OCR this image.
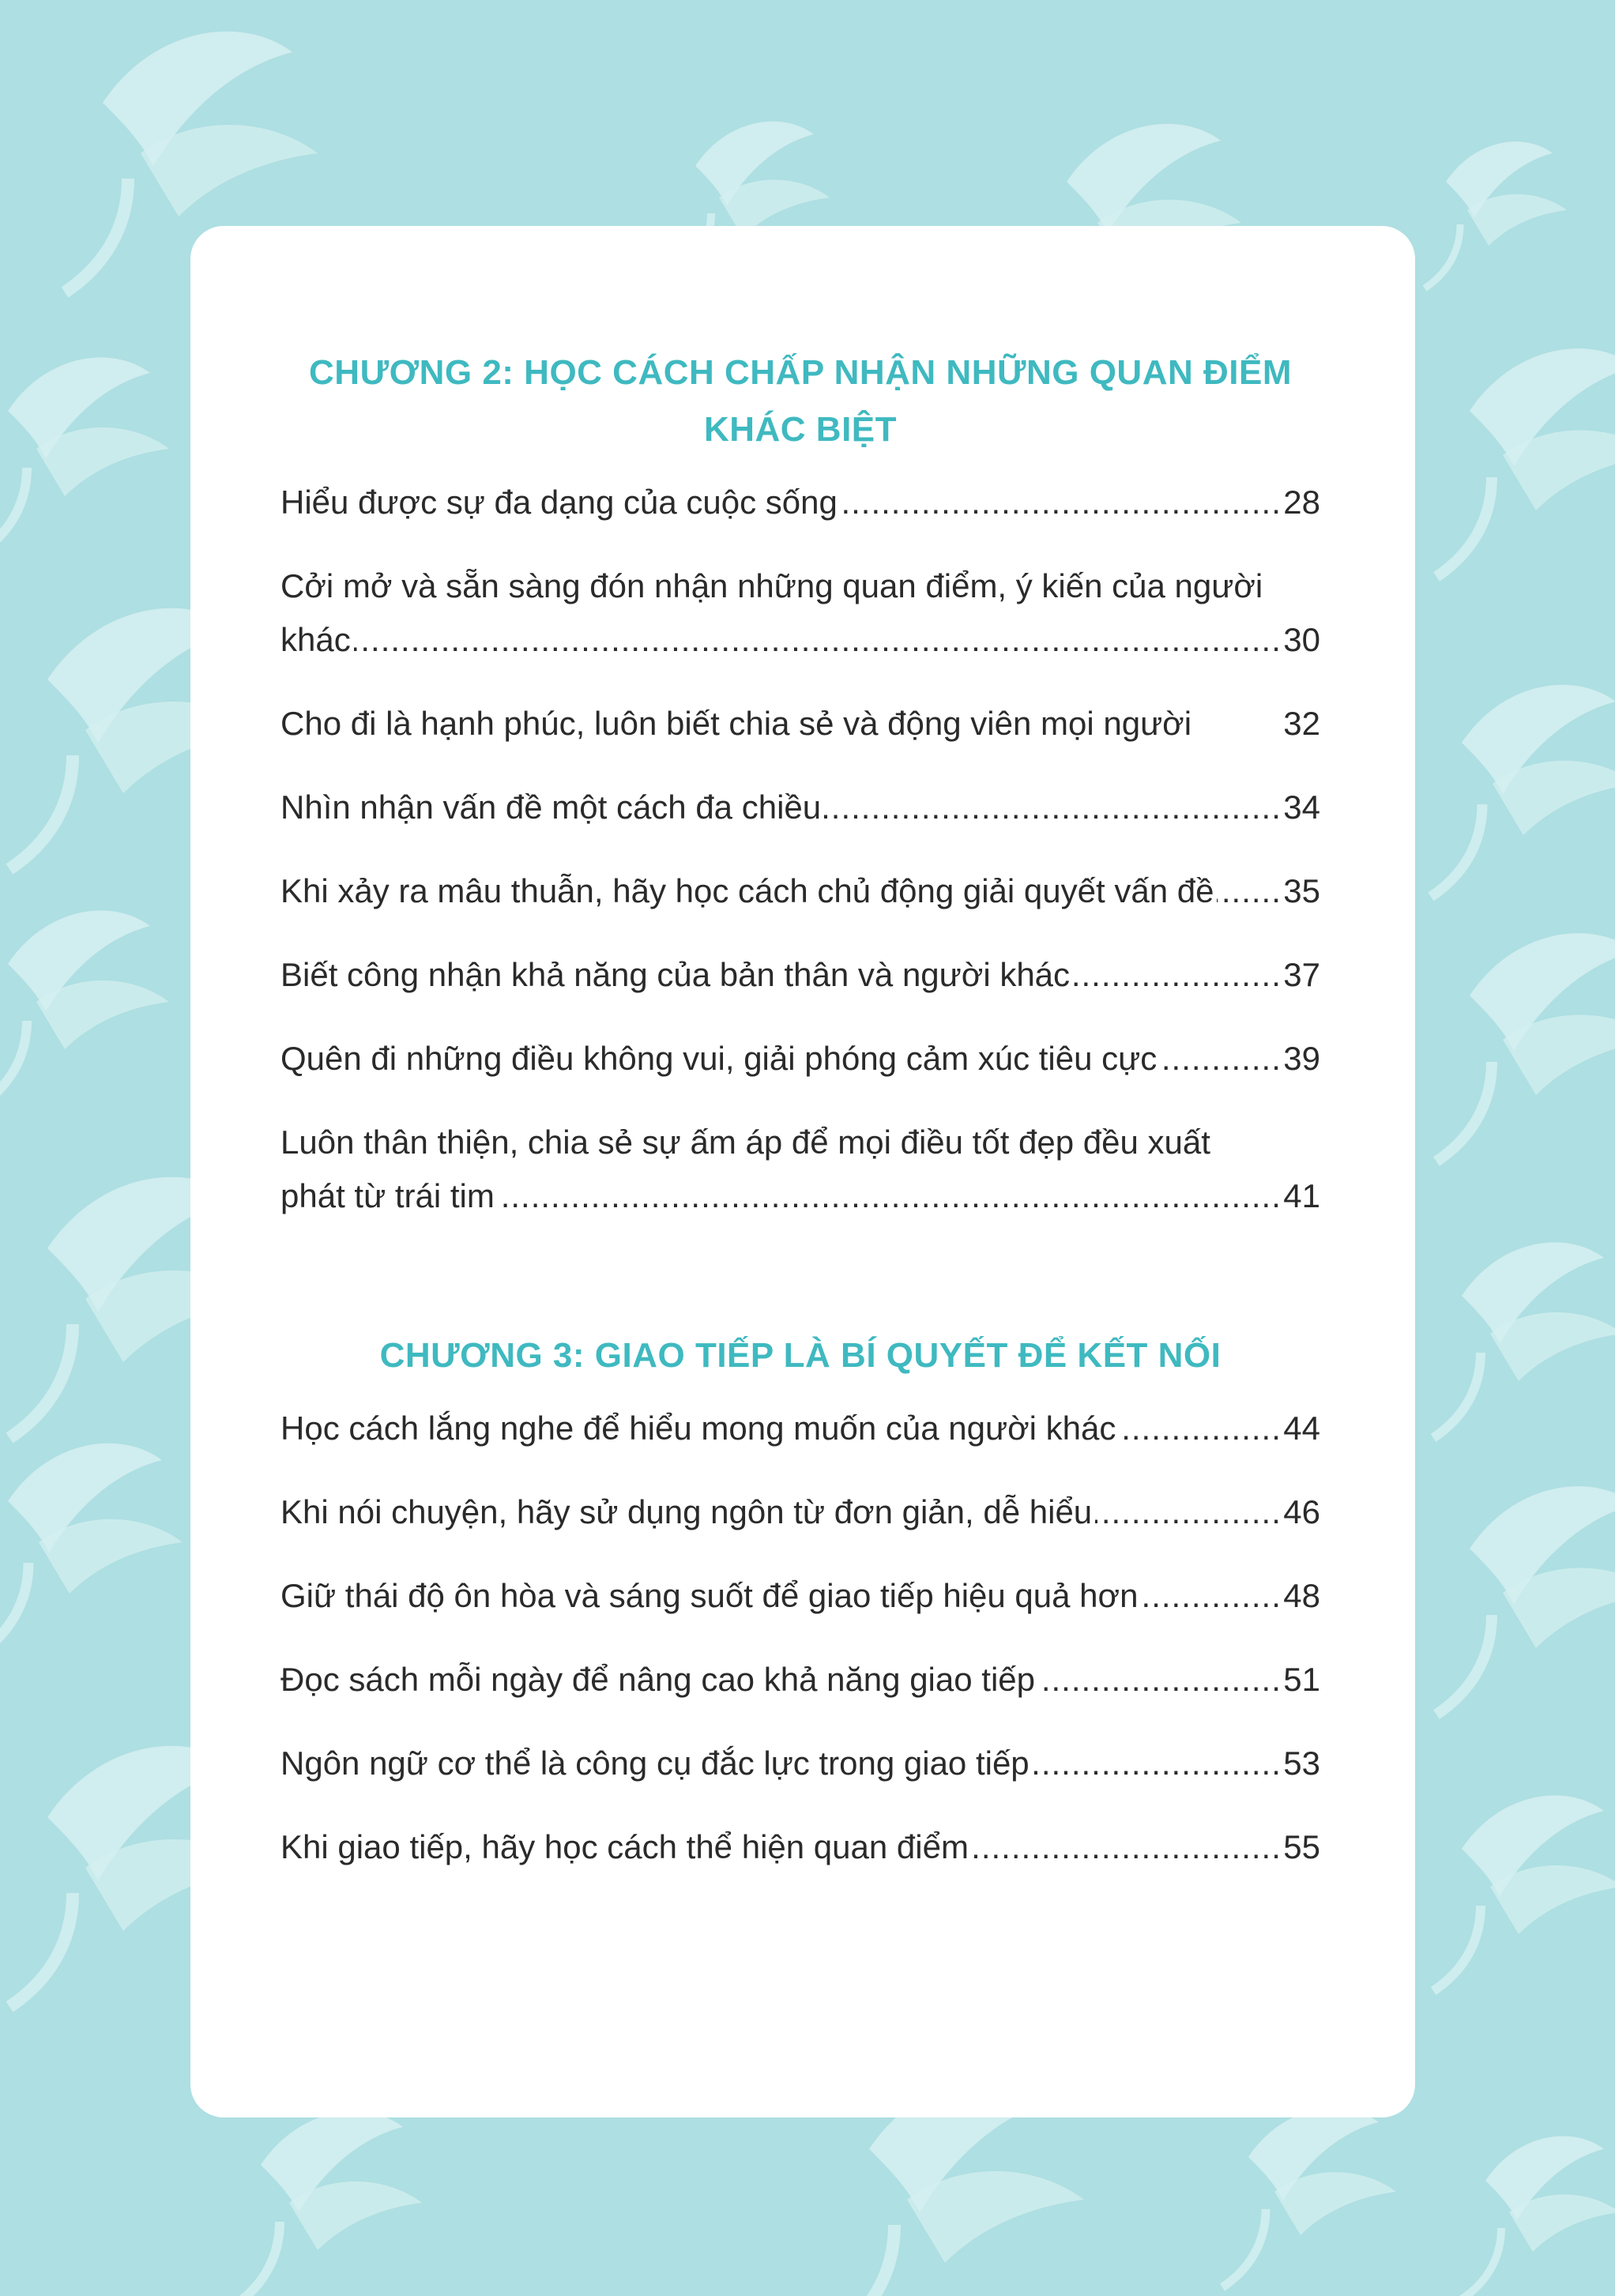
CHƯƠNG 2: HỌC CÁCH CHẤP NHẬN NHỮNG QUAN ĐIỂM KHÁC BIỆT
Hiểu được sự đa dạng của cuộc sống .....	28
Cởi mở và sẵn sàng đón nhận những quan điểm, ý kiến của người khác .....	30
Cho đi là hạnh phúc, luôn biết chia sẻ và động viên mọi người	32
Nhìn nhận vấn đề một cách đa chiều .....	34
Khi xảy ra mâu thuẫn, hãy học cách chủ động giải quyết vấn đề .....	35
Biết công nhận khả năng của bản thân và người khác .....	37
Quên đi những điều không vui, giải phóng cảm xúc tiêu cực .....	39
Luôn thân thiện, chia sẻ sự ấm áp để mọi điều tốt đẹp đều xuất phát từ trái tim .....	41
CHƯƠNG 3: GIAO TIẾP LÀ BÍ QUYẾT ĐỂ KẾT NỐI
Học cách lắng nghe để hiểu mong muốn của người khác .....	44
Khi nói chuyện, hãy sử dụng ngôn từ đơn giản, dễ hiểu .....	46
Giữ thái độ ôn hòa và sáng suốt để giao tiếp hiệu quả hơn .....	48
Đọc sách mỗi ngày để nâng cao khả năng giao tiếp .....	51
Ngôn ngữ cơ thể là công cụ đắc lực trong giao tiếp .....	53
Khi giao tiếp, hãy học cách thể hiện quan điểm .....	55
